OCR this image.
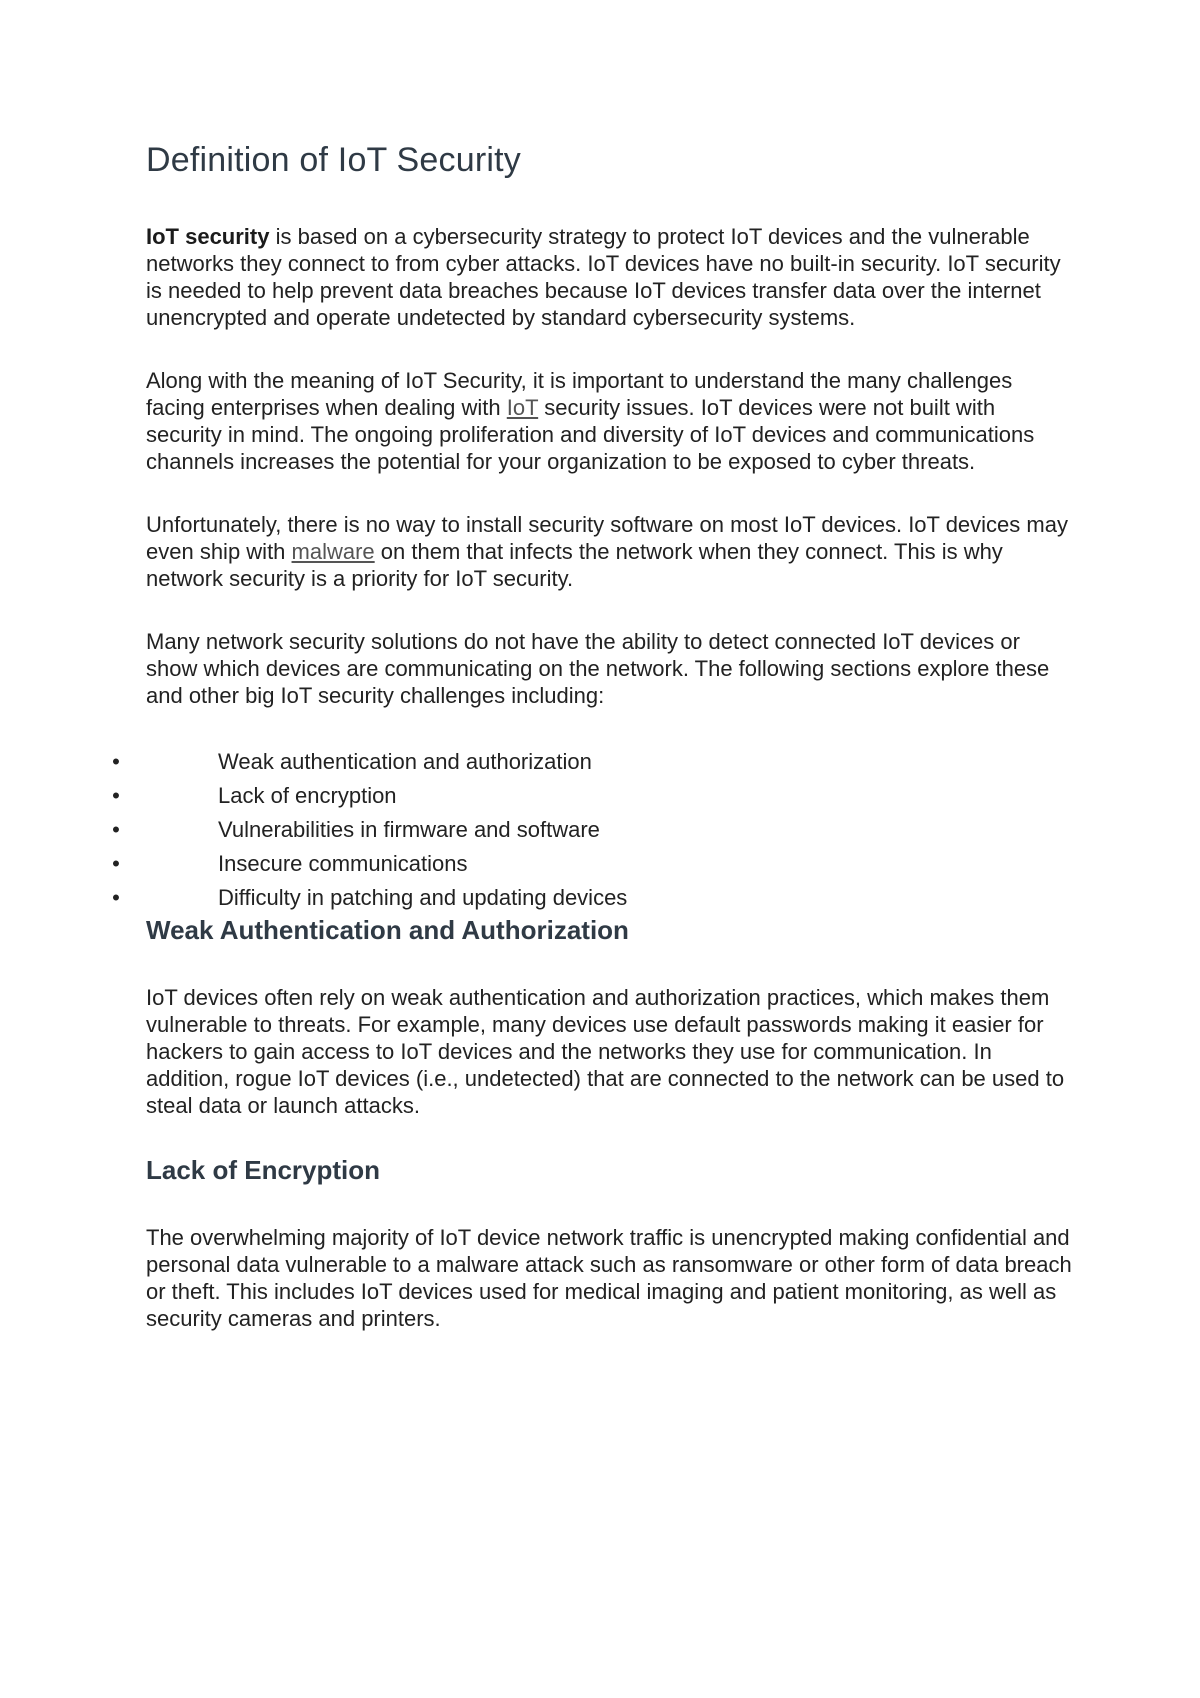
Definition of IoT Security

IoT security is based on a cybersecurity strategy to protect IoT devices and the vulnerable networks they connect to from cyber attacks. IoT devices have no built-in security. IoT security is needed to help prevent data breaches because IoT devices transfer data over the internet unencrypted and operate undetected by standard cybersecurity systems.

Along with the meaning of IoT Security, it is important to understand the many challenges facing enterprises when dealing with IoT security issues. IoT devices were not built with security in mind. The ongoing proliferation and diversity of IoT devices and communications channels increases the potential for your organization to be exposed to cyber threats.

Unfortunately, there is no way to install security software on most IoT devices. IoT devices may even ship with malware on them that infects the network when they connect. This is why network security is a priority for IoT security.

Many network security solutions do not have the ability to detect connected IoT devices or show which devices are communicating on the network. The following sections explore these and other big IoT security challenges including:

•	Weak authentication and authorization
•	Lack of encryption
•	Vulnerabilities in firmware and software
•	Insecure communications
•	Difficulty in patching and updating devices
Weak Authentication and Authorization

IoT devices often rely on weak authentication and authorization practices, which makes them vulnerable to threats. For example, many devices use default passwords making it easier for hackers to gain access to IoT devices and the networks they use for communication. In addition, rogue IoT devices (i.e., undetected) that are connected to the network can be used to steal data or launch attacks.

Lack of Encryption

The overwhelming majority of IoT device network traffic is unencrypted making confidential and personal data vulnerable to a malware attack such as ransomware or other form of data breach or theft. This includes IoT devices used for medical imaging and patient monitoring, as well as security cameras and printers.
